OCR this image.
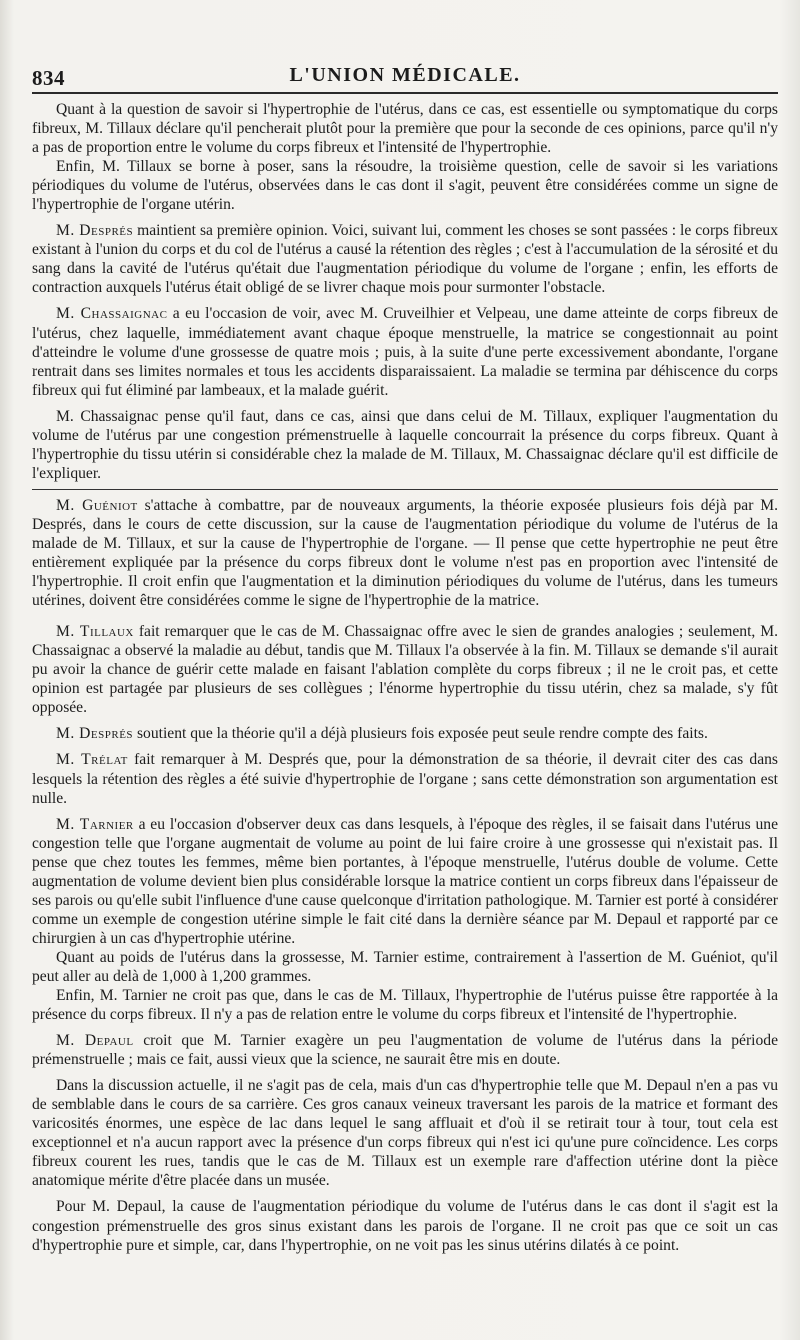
834	L'UNION MÉDICALE.

Quant à la question de savoir si l'hypertrophie de l'utérus, dans ce cas, est essentielle ou symptomatique du corps fibreux, M. Tillaux déclare qu'il pencherait plutôt pour la première que pour la seconde de ces opinions, parce qu'il n'y a pas de proportion entre le volume du corps fibreux et l'intensité de l'hypertrophie.

Enfin, M. Tillaux se borne à poser, sans la résoudre, la troisième question, celle de savoir si les variations périodiques du volume de l'utérus, observées dans le cas dont il s'agit, peuvent être considérées comme un signe de l'hypertrophie de l'organe utérin.

M. Després maintient sa première opinion. Voici, suivant lui, comment les choses se sont passées : le corps fibreux existant à l'union du corps et du col de l'utérus a causé la rétention des règles ; c'est à l'accumulation de la sérosité et du sang dans la cavité de l'utérus qu'était due l'augmentation périodique du volume de l'organe ; enfin, les efforts de contraction auxquels l'utérus était obligé de se livrer chaque mois pour surmonter l'obstacle.

M. Chassaignac a eu l'occasion de voir, avec M. Cruveilhier et Velpeau, une dame atteinte de corps fibreux de l'utérus, chez laquelle, immédiatement avant chaque époque menstruelle, la matrice se congestionnait au point d'atteindre le volume d'une grossesse de quatre mois ; puis, à la suite d'une perte excessivement abondante, l'organe rentrait dans ses limites normales et tous les accidents disparaissaient. La maladie se termina par déhiscence du corps fibreux qui fut éliminé par lambeaux, et la malade guérit.

M. Chassaignac pense qu'il faut, dans ce cas, ainsi que dans celui de M. Tillaux, expliquer l'augmentation du volume de l'utérus par une congestion prémenstruelle à laquelle concourrait la présence du corps fibreux. Quant à l'hypertrophie du tissu utérin si considérable chez la malade de M. Tillaux, M. Chassaignac déclare qu'il est difficile de l'expliquer.

M. Guéniot s'attache à combattre, par de nouveaux arguments, la théorie exposée plusieurs fois déjà par M. Després, dans le cours de cette discussion, sur la cause de l'augmentation périodique du volume de l'utérus de la malade de M. Tillaux, et sur la cause de l'hypertrophie de l'organe. — Il pense que cette hypertrophie ne peut être entièrement expliquée par la présence du corps fibreux dont le volume n'est pas en proportion avec l'intensité de l'hypertrophie. Il croit enfin que l'augmentation et la diminution périodiques du volume de l'utérus, dans les tumeurs utérines, doivent être considérées comme le signe de l'hypertrophie de la matrice.

M. Tillaux fait remarquer que le cas de M. Chassaignac offre avec le sien de grandes analogies ; seulement, M. Chassaignac a observé la maladie au début, tandis que M. Tillaux l'a observée à la fin. M. Tillaux se demande s'il aurait pu avoir la chance de guérir cette malade en faisant l'ablation complète du corps fibreux ; il ne le croit pas, et cette opinion est partagée par plusieurs de ses collègues ; l'énorme hypertrophie du tissu utérin, chez sa malade, s'y fût opposée.

M. Després soutient que la théorie qu'il a déjà plusieurs fois exposée peut seule rendre compte des faits.

M. Trélat fait remarquer à M. Després que, pour la démonstration de sa théorie, il devrait citer des cas dans lesquels la rétention des règles a été suivie d'hypertrophie de l'organe ; sans cette démonstration son argumentation est nulle.

M. Tarnier a eu l'occasion d'observer deux cas dans lesquels, à l'époque des règles, il se faisait dans l'utérus une congestion telle que l'organe augmentait de volume au point de lui faire croire à une grossesse qui n'existait pas. Il pense que chez toutes les femmes, même bien portantes, à l'époque menstruelle, l'utérus double de volume. Cette augmentation de volume devient bien plus considérable lorsque la matrice contient un corps fibreux dans l'épaisseur de ses parois ou qu'elle subit l'influence d'une cause quelconque d'irritation pathologique. M. Tarnier est porté à considérer comme un exemple de congestion utérine simple le fait cité dans la dernière séance par M. Depaul et rapporté par ce chirurgien à un cas d'hypertrophie utérine.

Quant au poids de l'utérus dans la grossesse, M. Tarnier estime, contrairement à l'assertion de M. Guéniot, qu'il peut aller au delà de 1,000 à 1,200 grammes.

Enfin, M. Tarnier ne croit pas que, dans le cas de M. Tillaux, l'hypertrophie de l'utérus puisse être rapportée à la présence du corps fibreux. Il n'y a pas de relation entre le volume du corps fibreux et l'intensité de l'hypertrophie.

M. Depaul croit que M. Tarnier exagère un peu l'augmentation de volume de l'utérus dans la période prémenstruelle ; mais ce fait, aussi vieux que la science, ne saurait être mis en doute.

Dans la discussion actuelle, il ne s'agit pas de cela, mais d'un cas d'hypertrophie telle que M. Depaul n'en a pas vu de semblable dans le cours de sa carrière. Ces gros canaux veineux traversant les parois de la matrice et formant des varicosités énormes, une espèce de lac dans lequel le sang affluait et d'où il se retirait tour à tour, tout cela est exceptionnel et n'a aucun rapport avec la présence d'un corps fibreux qui n'est ici qu'une pure coïncidence. Les corps fibreux courent les rues, tandis que le cas de M. Tillaux est un exemple rare d'affection utérine dont la pièce anatomique mérite d'être placée dans un musée.

Pour M. Depaul, la cause de l'augmentation périodique du volume de l'utérus dans le cas dont il s'agit est la congestion prémenstruelle des gros sinus existant dans les parois de l'organe. Il ne croit pas que ce soit un cas d'hypertrophie pure et simple, car, dans l'hypertrophie, on ne voit pas les sinus utérins dilatés à ce point.
